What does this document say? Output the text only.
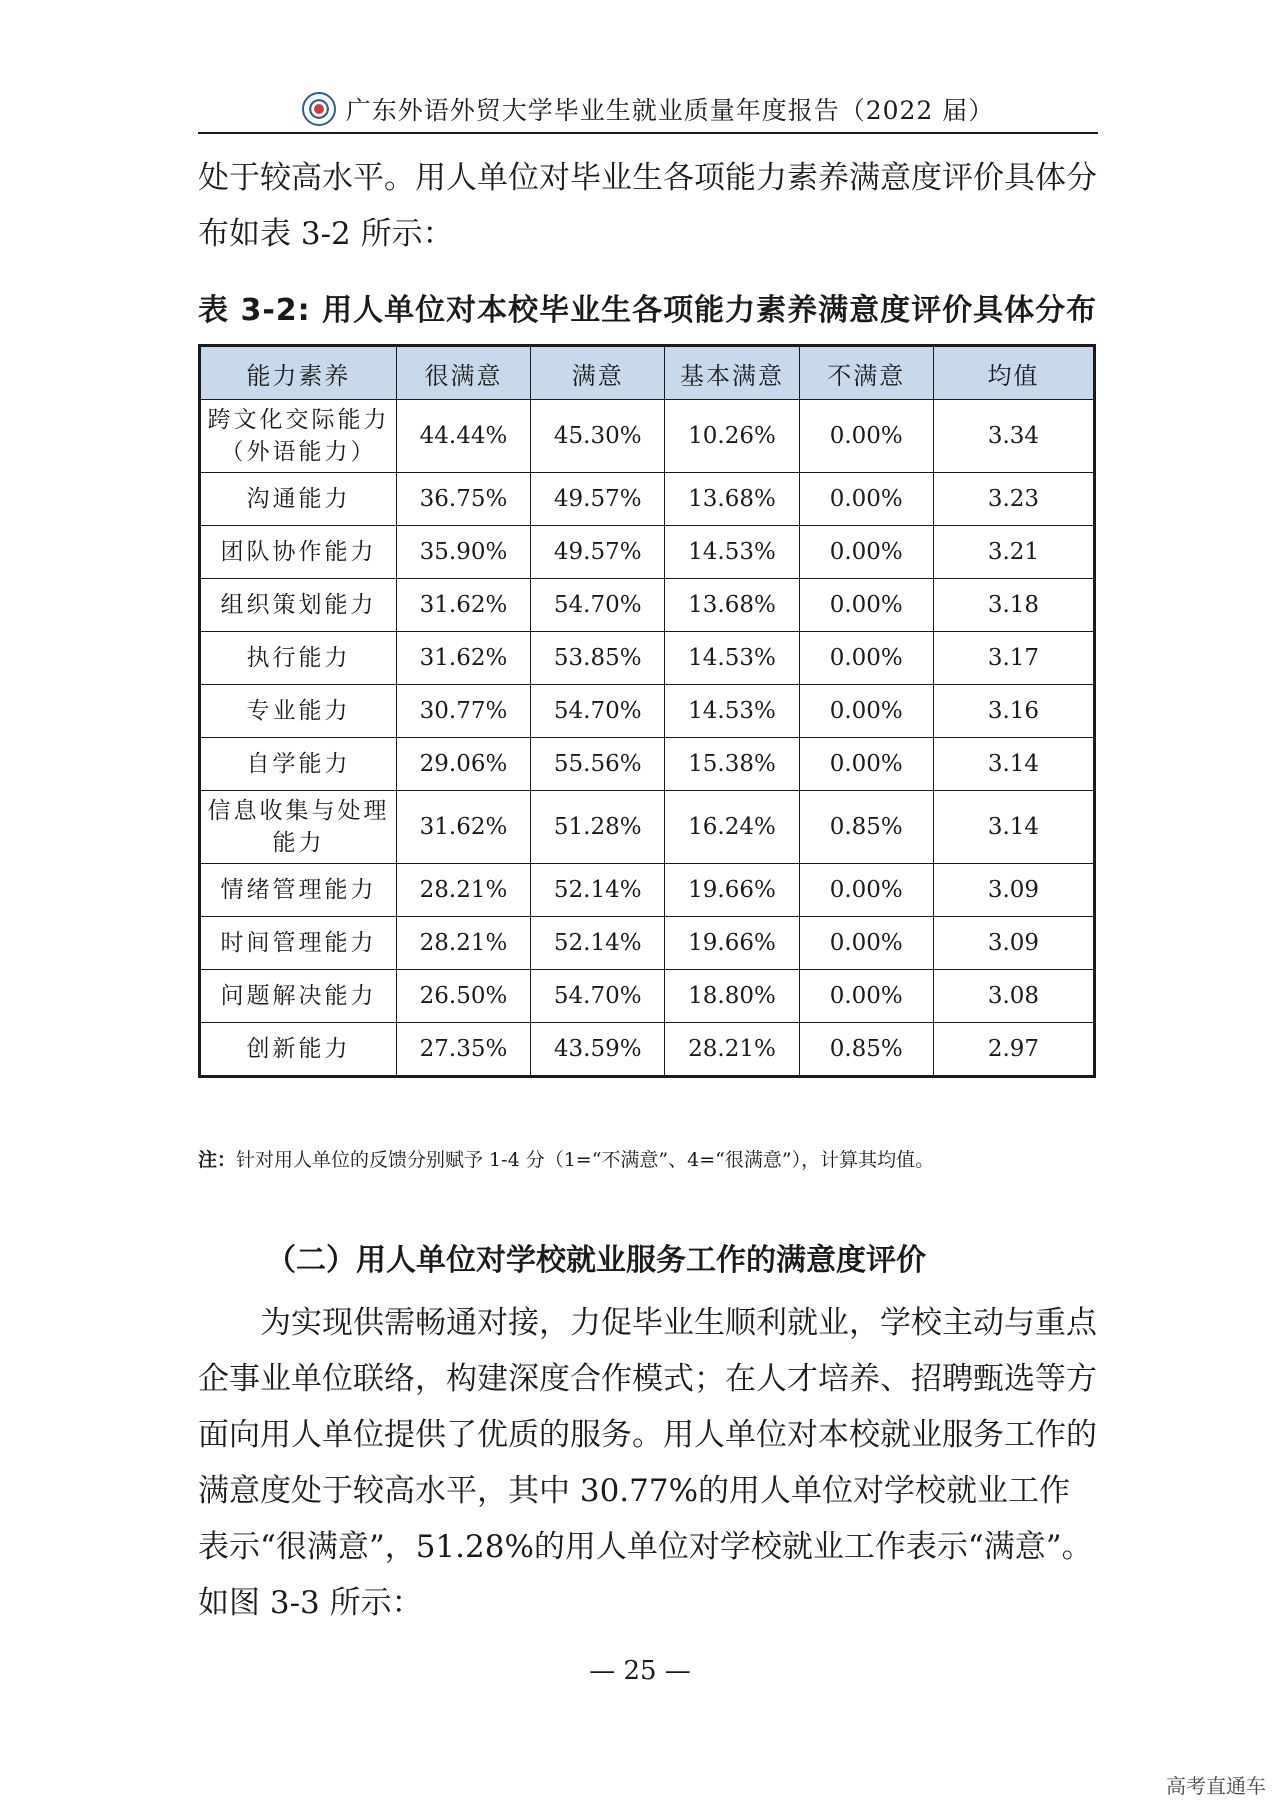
广东外语外贸大学毕业生就业质量年度报告（2022 届）

处于较高水平。用人单位对毕业生各项能力素养满意度评价具体分布如表 3-2 所示：

表 3-2: 用人单位对本校毕业生各项能力素养满意度评价具体分布
能力素养	很满意	满意	基本满意	不满意	均值
跨文化交际能力（外语能力）	44.44%	45.30%	10.26%	0.00%	3.34
沟通能力	36.75%	49.57%	13.68%	0.00%	3.23
团队协作能力	35.90%	49.57%	14.53%	0.00%	3.21
组织策划能力	31.62%	54.70%	13.68%	0.00%	3.18
执行能力	31.62%	53.85%	14.53%	0.00%	3.17
专业能力	30.77%	54.70%	14.53%	0.00%	3.16
自学能力	29.06%	55.56%	15.38%	0.00%	3.14
信息收集与处理能力	31.62%	51.28%	16.24%	0.85%	3.14
情绪管理能力	28.21%	52.14%	19.66%	0.00%	3.09
时间管理能力	28.21%	52.14%	19.66%	0.00%	3.09
问题解决能力	26.50%	54.70%	18.80%	0.00%	3.08
创新能力	27.35%	43.59%	28.21%	0.85%	2.97
注：针对用人单位的反馈分别赋予 1-4 分（1=“不满意”、4=“很满意”），计算其均值。
（二）用人单位对学校就业服务工作的满意度评价

为实现供需畅通对接，力促毕业生顺利就业，学校主动与重点企事业单位联络，构建深度合作模式；在人才培养、招聘甄选等方面向用人单位提供了优质的服务。用人单位对本校就业服务工作的满意度处于较高水平，其中 30.77%的用人单位对学校就业工作表示“很满意”，51.28%的用人单位对学校就业工作表示“满意”。如图 3-3 所示：

— 25 —
高考直通车
